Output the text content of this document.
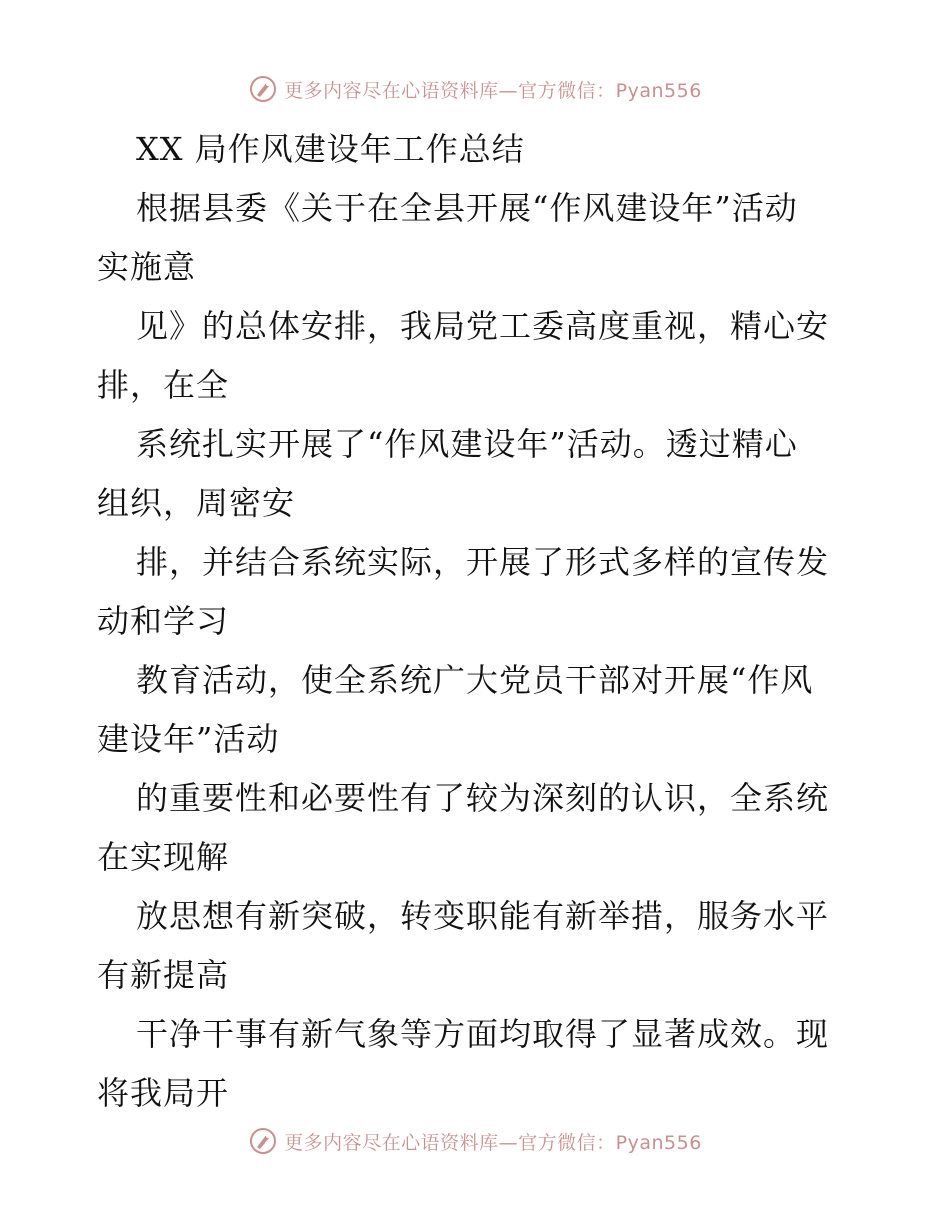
更多内容尽在心语资料库—官方微信：Pyan556
XX 局作风建设年工作总结
根据县委《关于在全县开展“作风建设年”活动
实施意
见》的总体安排，我局党工委高度重视，精心安
排，在全
系统扎实开展了“作风建设年”活动。透过精心
组织，周密安
排，并结合系统实际，开展了形式多样的宣传发
动和学习
教育活动，使全系统广大党员干部对开展“作风
建设年”活动
的重要性和必要性有了较为深刻的认识，全系统
在实现解
放思想有新突破，转变职能有新举措，服务水平
有新提高
干净干事有新气象等方面均取得了显著成效。现
将我局开
更多内容尽在心语资料库—官方微信：Pyan556
